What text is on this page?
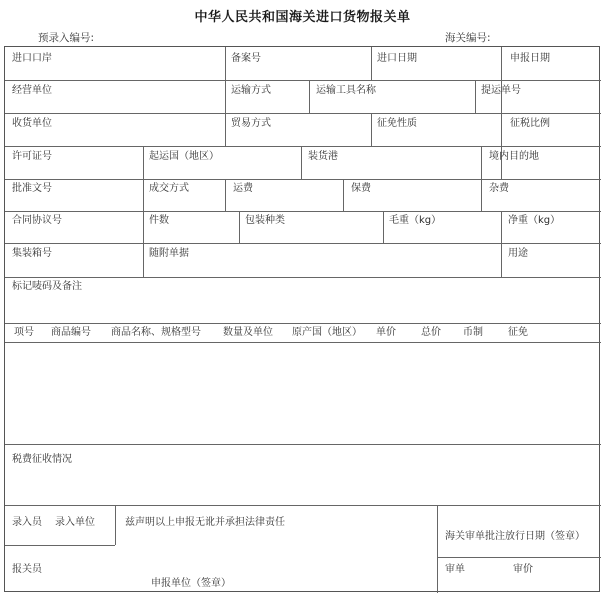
中华人民共和国海关进口货物报关单
预录入编号:	海关编号:
进口口岸	备案号	进口日期	申报日期
经营单位	运输方式	运输工具名称	提运单号
收货单位	贸易方式	征免性质	征税比例
许可证号	起运国（地区）	装货港	境内目的地
批准文号	成交方式	运费	保费	杂费
合同协议号	件数	包装种类	毛重（kg）	净重（kg）
集装箱号	随附单据	用途
标记唛码及备注
项号 商品编号 商品名称、规格型号 数量及单位 原产国（地区） 单价	总价 币制	征免
税费征收情况
录入员 录入单位	兹声明以上申报无讹并承担法律责任
海关审单批注放行日期（签章）
报关员
申报单位（签章）
审单	审价
